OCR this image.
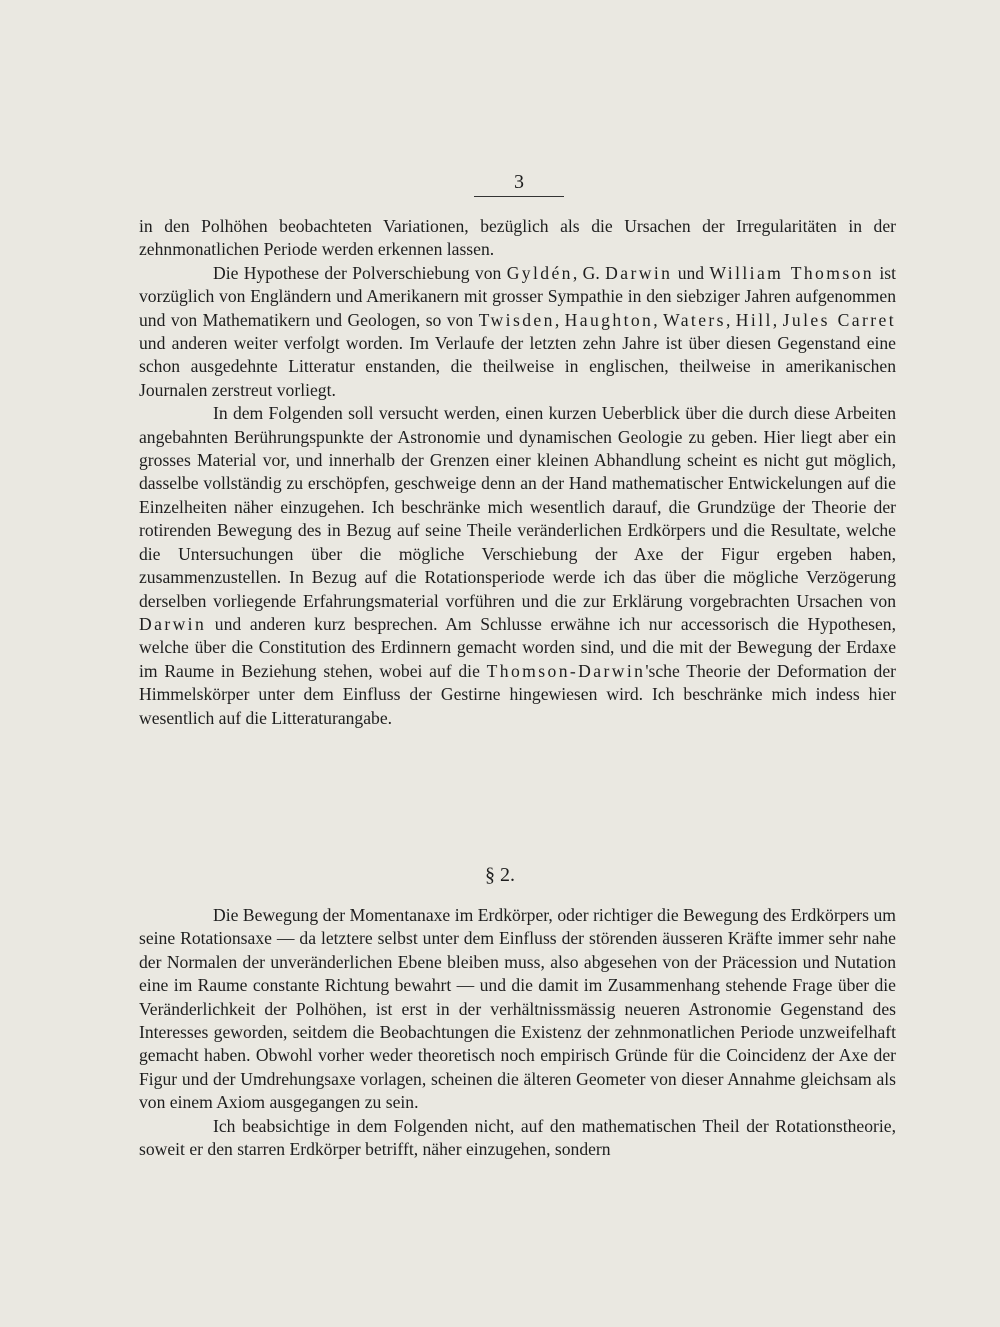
3

in den Polhöhen beobachteten Variationen, bezüglich als die Ursachen der Irregularitäten in der zehnmonatlichen Periode werden erkennen lassen.

Die Hypothese der Polverschiebung von Gyldén, G. Darwin und William Thomson ist vorzüglich von Engländern und Amerikanern mit grosser Sympathie in den siebziger Jahren aufgenommen und von Mathematikern und Geologen, so von Twisden, Haughton, Waters, Hill, Jules Carret und anderen weiter verfolgt worden. Im Verlaufe der letzten zehn Jahre ist über diesen Gegenstand eine schon ausgedehnte Litteratur enstanden, die theilweise in englischen, theilweise in amerikanischen Journalen zerstreut vorliegt.

In dem Folgenden soll versucht werden, einen kurzen Ueberblick über die durch diese Arbeiten angebahnten Berührungspunkte der Astronomie und dynamischen Geologie zu geben. Hier liegt aber ein grosses Material vor, und innerhalb der Grenzen einer kleinen Abhandlung scheint es nicht gut möglich, dasselbe vollständig zu erschöpfen, geschweige denn an der Hand mathematischer Entwickelungen auf die Einzelheiten näher einzugehen. Ich beschränke mich wesentlich darauf, die Grundzüge der Theorie der rotirenden Bewegung des in Bezug auf seine Theile veränderlichen Erdkörpers und die Resultate, welche die Untersuchungen über die mögliche Verschiebung der Axe der Figur ergeben haben, zusammenzustellen. In Bezug auf die Rotationsperiode werde ich das über die mögliche Verzögerung derselben vorliegende Erfahrungsmaterial vorführen und die zur Erklärung vorgebrachten Ursachen von Darwin und anderen kurz besprechen. Am Schlusse erwähne ich nur accessorisch die Hypothesen, welche über die Constitution des Erdinnern gemacht worden sind, und die mit der Bewegung der Erdaxe im Raume in Beziehung stehen, wobei auf die Thomson-Darwin'sche Theorie der Deformation der Himmelskörper unter dem Einfluss der Gestirne hingewiesen wird. Ich beschränke mich indess hier wesentlich auf die Litteraturangabe.

§ 2.

Die Bewegung der Momentanaxe im Erdkörper, oder richtiger die Bewegung des Erdkörpers um seine Rotationsaxe — da letztere selbst unter dem Einfluss der störenden äusseren Kräfte immer sehr nahe der Normalen der unveränderlichen Ebene bleiben muss, also abgesehen von der Präcession und Nutation eine im Raume constante Richtung bewahrt — und die damit im Zusammenhang stehende Frage über die Veränderlichkeit der Polhöhen, ist erst in der verhältnissmässig neueren Astronomie Gegenstand des Interesses geworden, seitdem die Beobachtungen die Existenz der zehnmonatlichen Periode unzweifelhaft gemacht haben. Obwohl vorher weder theoretisch noch empirisch Gründe für die Coincidenz der Axe der Figur und der Umdrehungsaxe vorlagen, scheinen die älteren Geometer von dieser Annahme gleichsam als von einem Axiom ausgegangen zu sein.

Ich beabsichtige in dem Folgenden nicht, auf den mathematischen Theil der Rotationstheorie, soweit er den starren Erdkörper betrifft, näher einzugehen, sondern
